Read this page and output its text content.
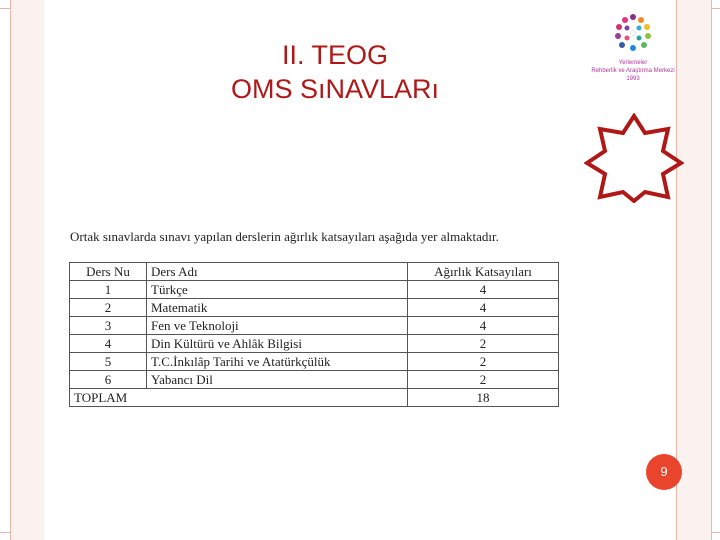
II. TEOG
OMS SıNAVLARı
Yerlemeler
Rehberlik ve Araştırma Merkezi
1993
Ortak sınavlarda sınavı yapılan derslerin ağırlık katsayıları aşağıda yer almaktadır.
Ders Nu	Ders Adı	Ağırlık Katsayıları
1	Türkçe	4
2	Matematik	4
3	Fen ve Teknoloji	4
4	Din Kültürü ve Ahlâk Bilgisi	2
5	T.C.İnkılâp Tarihi ve Atatürkçülük	2
6	Yabancı Dil	2
TOPLAM		18
9
